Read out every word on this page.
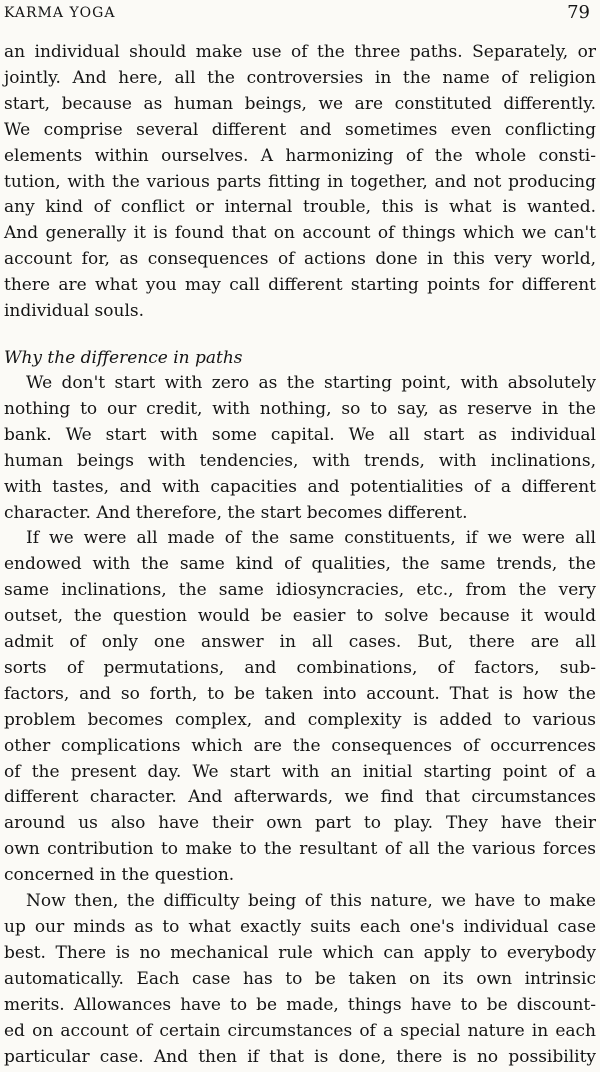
KARMA YOGA	79
an individual should make use of the three paths. Separately, or
jointly. And here, all the controversies in the name of religion
start, because as human beings, we are constituted differently.
We comprise several different and sometimes even conflicting
elements within ourselves. A harmonizing of the whole consti-
tution, with the various parts fitting in together, and not producing
any kind of conflict or internal trouble, this is what is wanted.
And generally it is found that on account of things which we can't
account for, as consequences of actions done in this very world,
there are what you may call different starting points for different
individual souls.

Why the difference in paths

We don't start with zero as the starting point, with absolutely
nothing to our credit, with nothing, so to say, as reserve in the
bank. We start with some capital. We all start as individual
human beings with tendencies, with trends, with inclinations,
with tastes, and with capacities and potentialities of a different
character. And therefore, the start becomes different.
If we were all made of the same constituents, if we were all
endowed with the same kind of qualities, the same trends, the
same inclinations, the same idiosyncracies, etc., from the very
outset, the question would be easier to solve because it would
admit of only one answer in all cases. But, there are all
sorts of permutations, and combinations, of factors, sub-
factors, and so forth, to be taken into account. That is how the
problem becomes complex, and complexity is added to various
other complications which are the consequences of occurrences
of the present day. We start with an initial starting point of a
different character. And afterwards, we find that circumstances
around us also have their own part to play. They have their
own contribution to make to the resultant of all the various forces
concerned in the question.
Now then, the difficulty being of this nature, we have to make
up our minds as to what exactly suits each one's individual case
best. There is no mechanical rule which can apply to everybody
automatically. Each case has to be taken on its own intrinsic
merits. Allowances have to be made, things have to be discount-
ed on account of certain circumstances of a special nature in each
particular case. And then if that is done, there is no possibility
